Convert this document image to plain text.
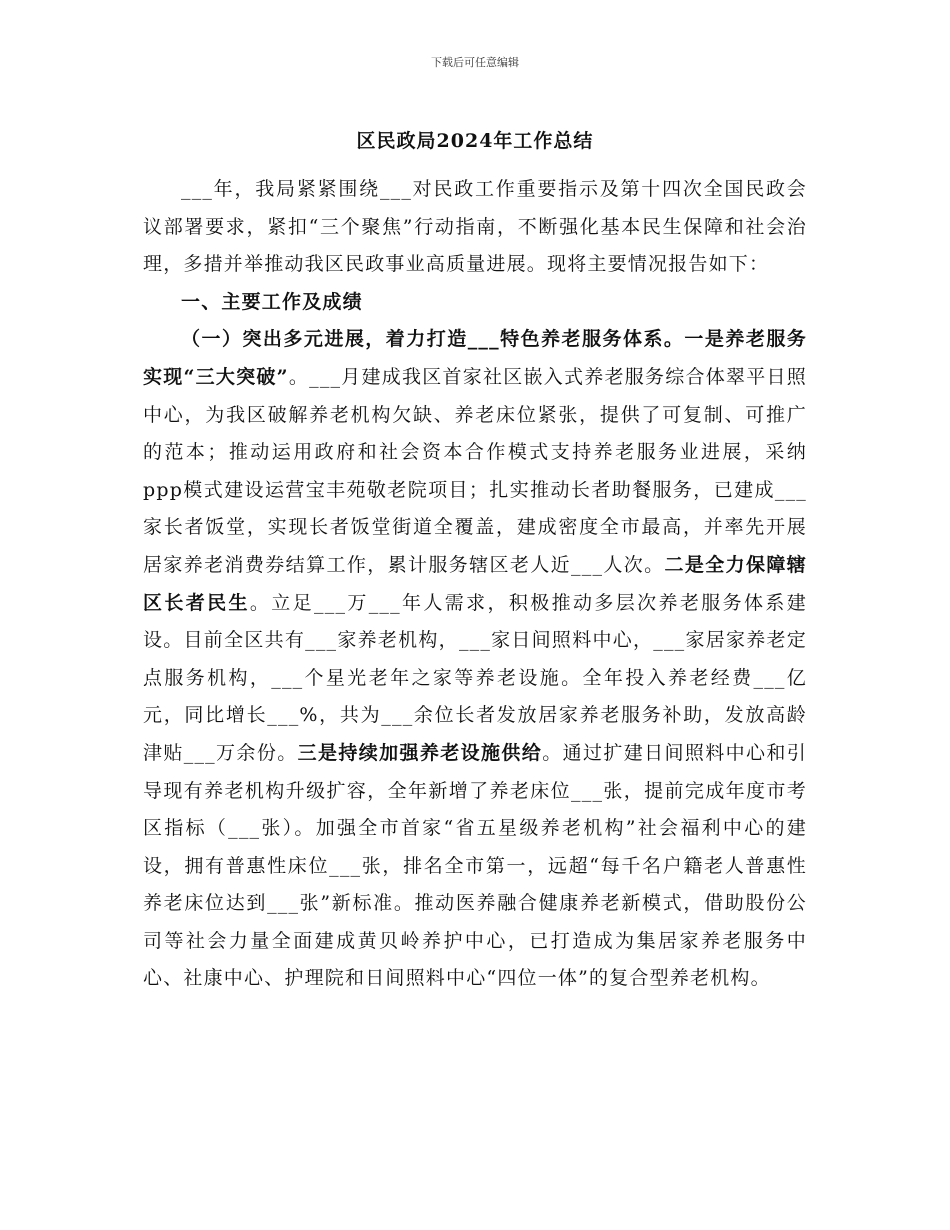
下载后可任意编辑
区民政局2024年工作总结

___年，我局紧紧围绕___对民政工作重要指示及第十四次全国民政会议部署要求，紧扣“三个聚焦”行动指南，不断强化基本民生保障和社会治理，多措并举推动我区民政事业高质量进展。现将主要情况报告如下：

一、主要工作及成绩

（一）突出多元进展，着力打造___特色养老服务体系。一是养老服务实现“三大突破”。___月建成我区首家社区嵌入式养老服务综合体翠平日照中心，为我区破解养老机构欠缺、养老床位紧张，提供了可复制、可推广的范本；推动运用政府和社会资本合作模式支持养老服务业进展，采纳ppp模式建设运营宝丰苑敬老院项目；扎实推动长者助餐服务，已建成___家长者饭堂，实现长者饭堂街道全覆盖，建成密度全市最高，并率先开展居家养老消费券结算工作，累计服务辖区老人近___人次。二是全力保障辖区长者民生。立足___万___年人需求，积极推动多层次养老服务体系建设。目前全区共有___家养老机构，___家日间照料中心，___家居家养老定点服务机构，___个星光老年之家等养老设施。全年投入养老经费___亿元，同比增长___%，共为___余位长者发放居家养老服务补助，发放高龄津贴___万余份。三是持续加强养老设施供给。通过扩建日间照料中心和引导现有养老机构升级扩容，全年新增了养老床位___张，提前完成年度市考区指标（___张）。加强全市首家“省五星级养老机构”社会福利中心的建设，拥有普惠性床位___张，排名全市第一，远超“每千名户籍老人普惠性养老床位达到___张”新标准。推动医养融合健康养老新模式，借助股份公司等社会力量全面建成黄贝岭养护中心，已打造成为集居家养老服务中心、社康中心、护理院和日间照料中心“四位一体”的复合型养老机构。
